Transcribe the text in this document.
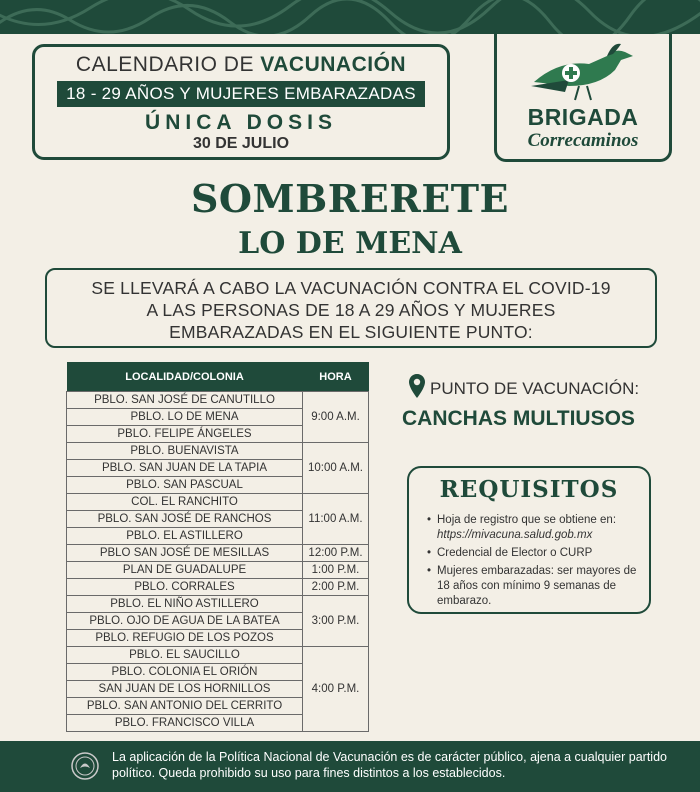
CALENDARIO DE VACUNACIÓN
18 - 29 AÑOS Y MUJERES EMBARAZADAS
ÚNICA DOSIS
30 DE JULIO
BRIGADA
Correcaminos
SOMBRERETE
LO DE MENA
SE LLEVARÁ A CABO LA VACUNACIÓN CONTRA EL COVID-19
A LAS PERSONAS DE 18 A 29 AÑOS Y MUJERES
EMBARAZADAS EN EL SIGUIENTE PUNTO:
LOCALIDAD/COLONIA	HORA
PBLO. SAN JOSÉ DE CANUTILLO	9:00 A.M.
PBLO. LO DE MENA	
PBLO. FELIPE ÁNGELES	
PBLO. BUENAVISTA	10:00 A.M.
PBLO. SAN JUAN DE LA TAPIA	
PBLO. SAN PASCUAL	
COL. EL RANCHITO	11:00 A.M.
PBLO. SAN JOSÉ DE RANCHOS	
PBLO. EL ASTILLERO	
PBLO SAN JOSÉ DE MESILLAS	12:00 P.M.
PLAN DE GUADALUPE	1:00 P.M.
PBLO. CORRALES	2:00 P.M.
PBLO. EL NIÑO ASTILLERO	3:00 P.M.
PBLO. OJO DE AGUA DE LA BATEA	
PBLO. REFUGIO DE LOS POZOS	
PBLO. EL SAUCILLO	4:00 P.M.
PBLO. COLONIA EL ORIÓN	
SAN JUAN DE LOS HORNILLOS	
PBLO. SAN ANTONIO DEL CERRITO	
PBLO. FRANCISCO VILLA	
PUNTO DE VACUNACIÓN:
CANCHAS MULTIUSOS
REQUISITOS
• Hoja de registro que se obtiene en: https://mivacuna.salud.gob.mx
• Credencial de Elector o CURP
• Mujeres embarazadas: ser mayores de 18 años con mínimo 9 semanas de embarazo.
La aplicación de la Política Nacional de Vacunación es de carácter público, ajena a cualquier partido político. Queda prohibido su uso para fines distintos a los establecidos.
